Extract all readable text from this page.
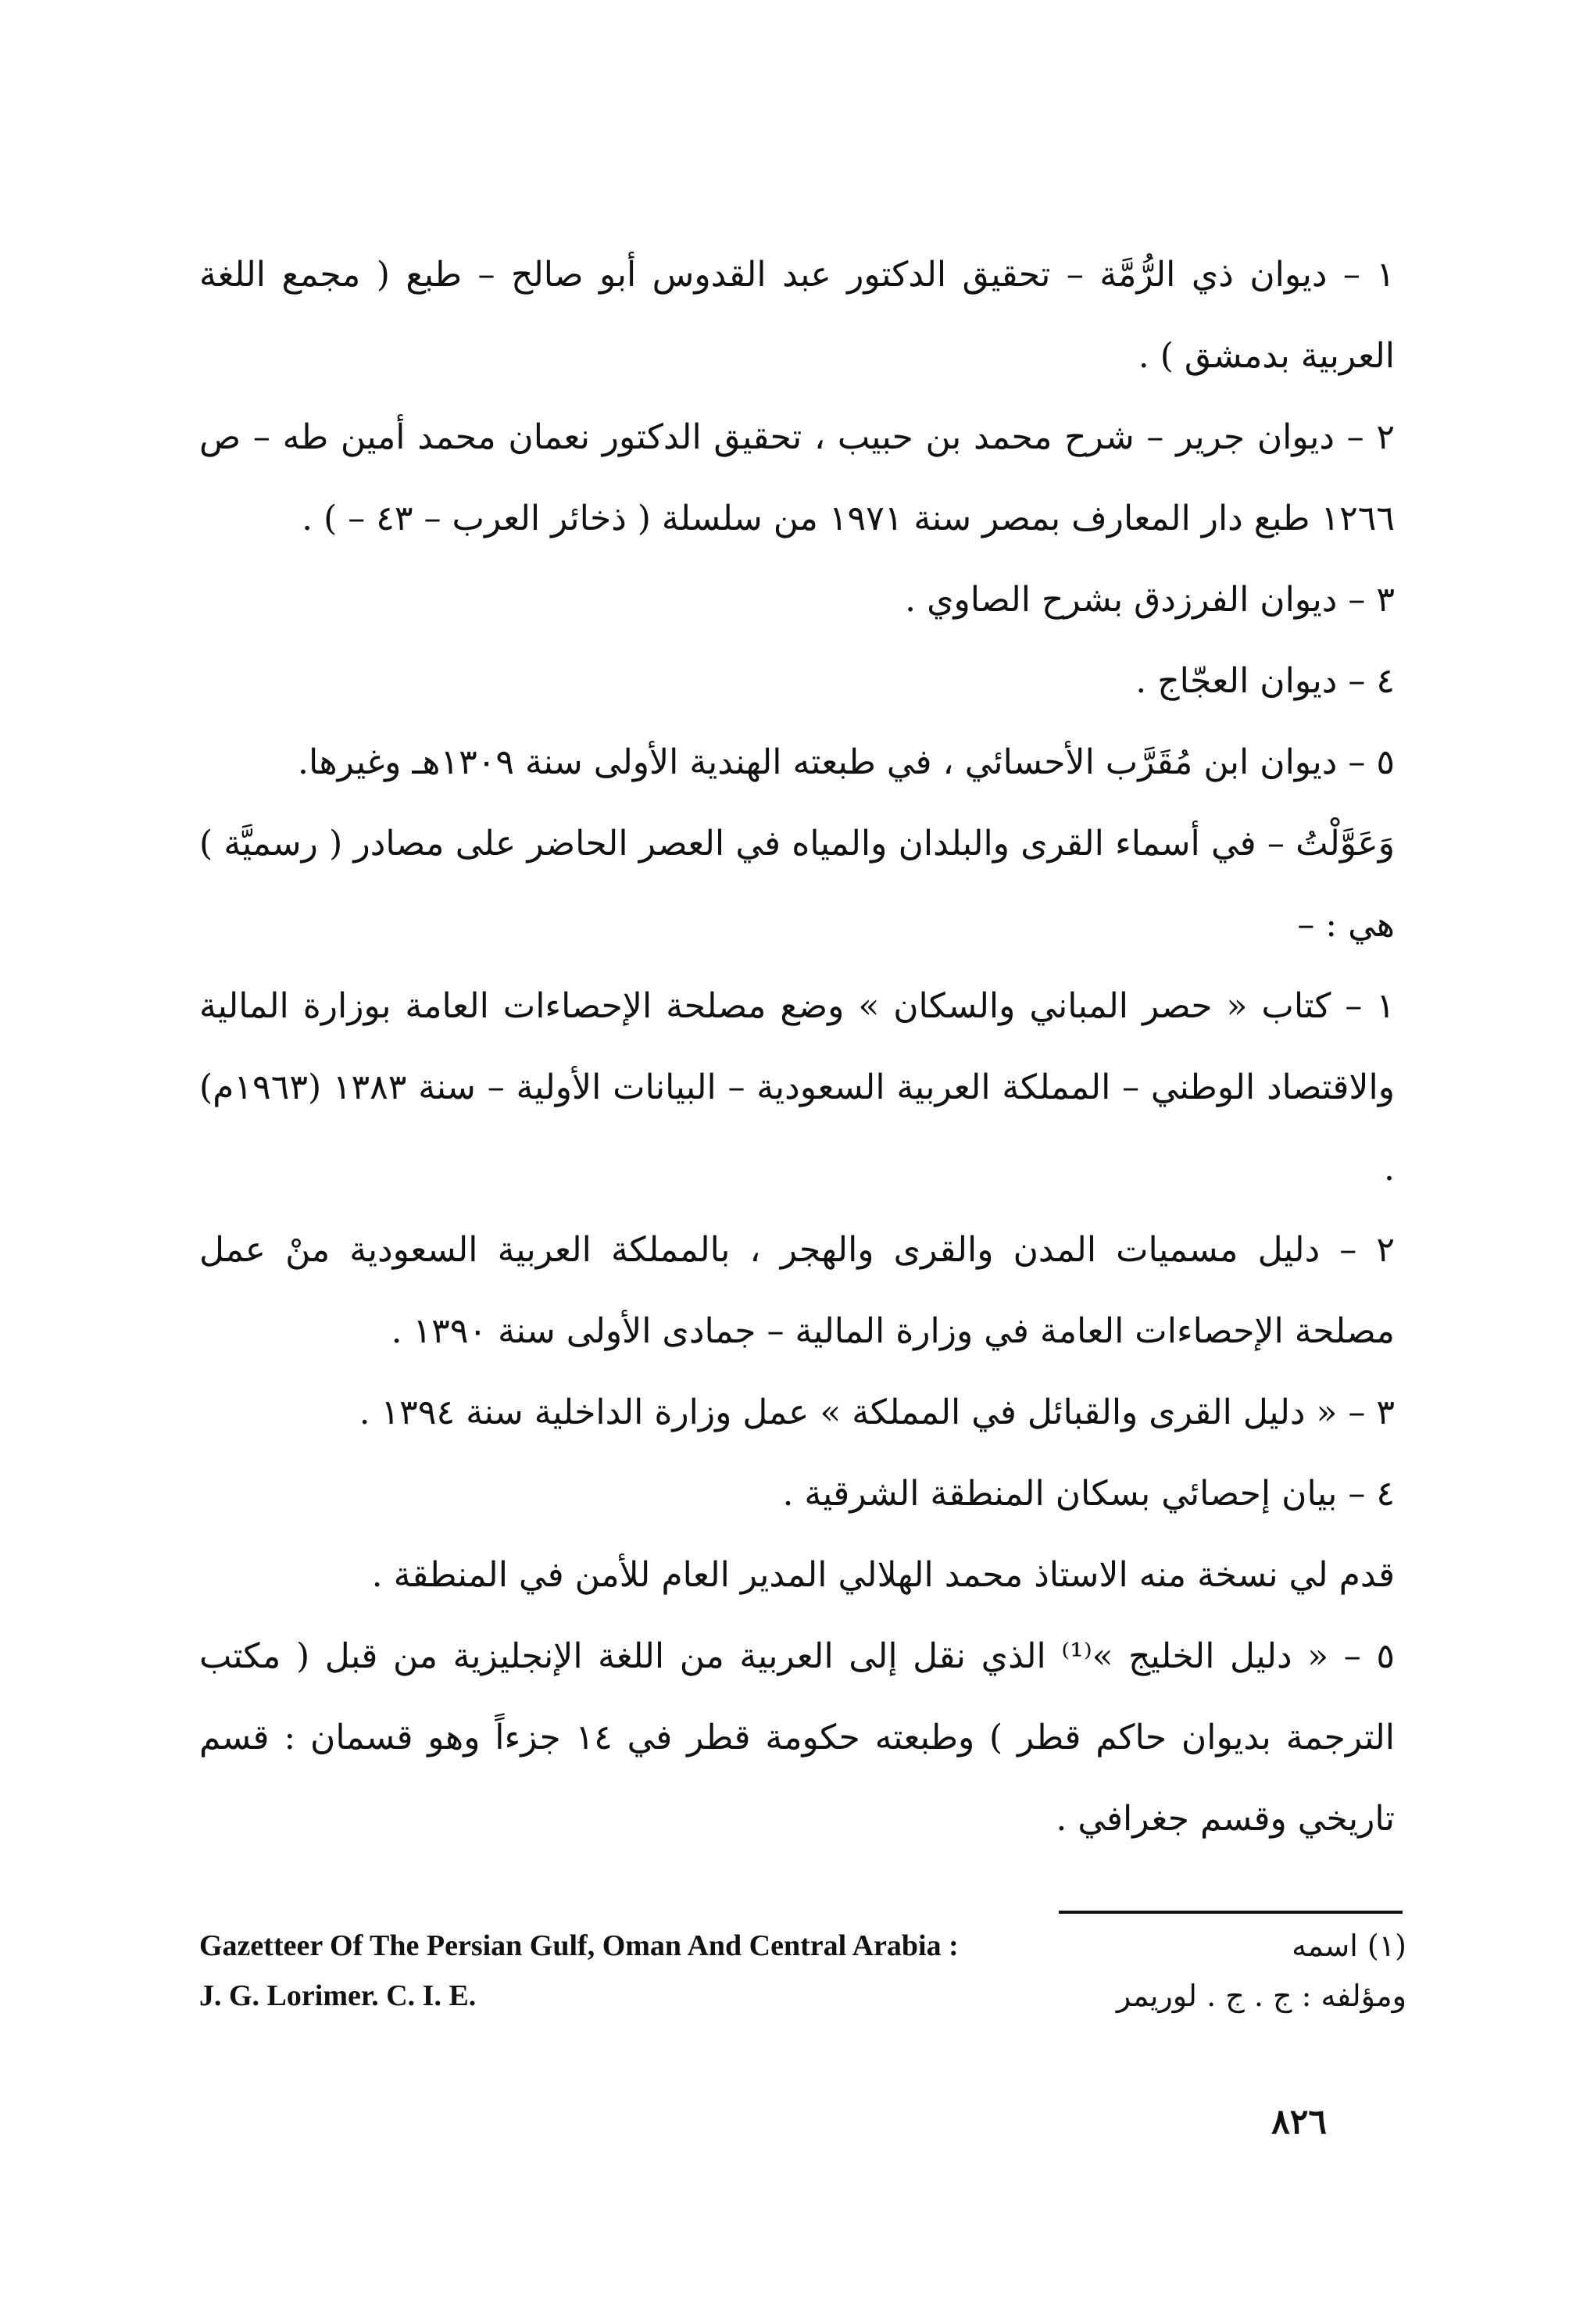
١ – ديوان ذي الرُّمَّة – تحقيق الدكتور عبد القدوس أبو صالح – طبع ( مجمع اللغة العربية بدمشق ) .

٢ – ديوان جرير – شرح محمد بن حبيب ، تحقيق الدكتور نعمان محمد أمين طه – ص ١٢٦٦ طبع دار المعارف بمصر سنة ١٩٧١ من سلسلة ( ذخائر العرب – ٤٣ – ) .

٣ – ديوان الفرزدق بشرح الصاوي .

٤ – ديوان العجّاج .

٥ – ديوان ابن مُقَرَّب الأحسائي ، في طبعته الهندية الأولى سنة ١٣٠٩هـ وغيرها.

وَعَوَّلْتُ – في أسماء القرى والبلدان والمياه في العصر الحاضر على مصادر ( رسميَّة ) هي : –

١ – كتاب « حصر المباني والسكان » وضع مصلحة الإحصاءات العامة بوزارة المالية والاقتصاد الوطني – المملكة العربية السعودية – البيانات الأولية – سنة ١٣٨٣ (١٩٦٣م) .

٢ – دليل مسميات المدن والقرى والهجر ، بالمملكة العربية السعودية منْ عمل مصلحة الإحصاءات العامة في وزارة المالية – جمادى الأولى سنة ١٣٩٠ .

٣ – « دليل القرى والقبائل في المملكة » عمل وزارة الداخلية سنة ١٣٩٤ .

٤ – بيان إحصائي بسكان المنطقة الشرقية .

قدم لي نسخة منه الاستاذ محمد الهلالي المدير العام للأمن في المنطقة .

٥ – « دليل الخليج »⁽¹⁾ الذي نقل إلى العربية من اللغة الإنجليزية من قبل ( مكتب الترجمة بديوان حاكم قطر ) وطبعته حكومة قطر في ١٤ جزءاً وهو قسمان : قسم تاريخي وقسم جغرافي .

Gazetteer Of The Persian Gulf, Oman And Central Arabia :	(١) اسمه
J. G. Lorimer. C. I. E.	ومؤلفه : ج . ج . لوريمر
٨٢٦
